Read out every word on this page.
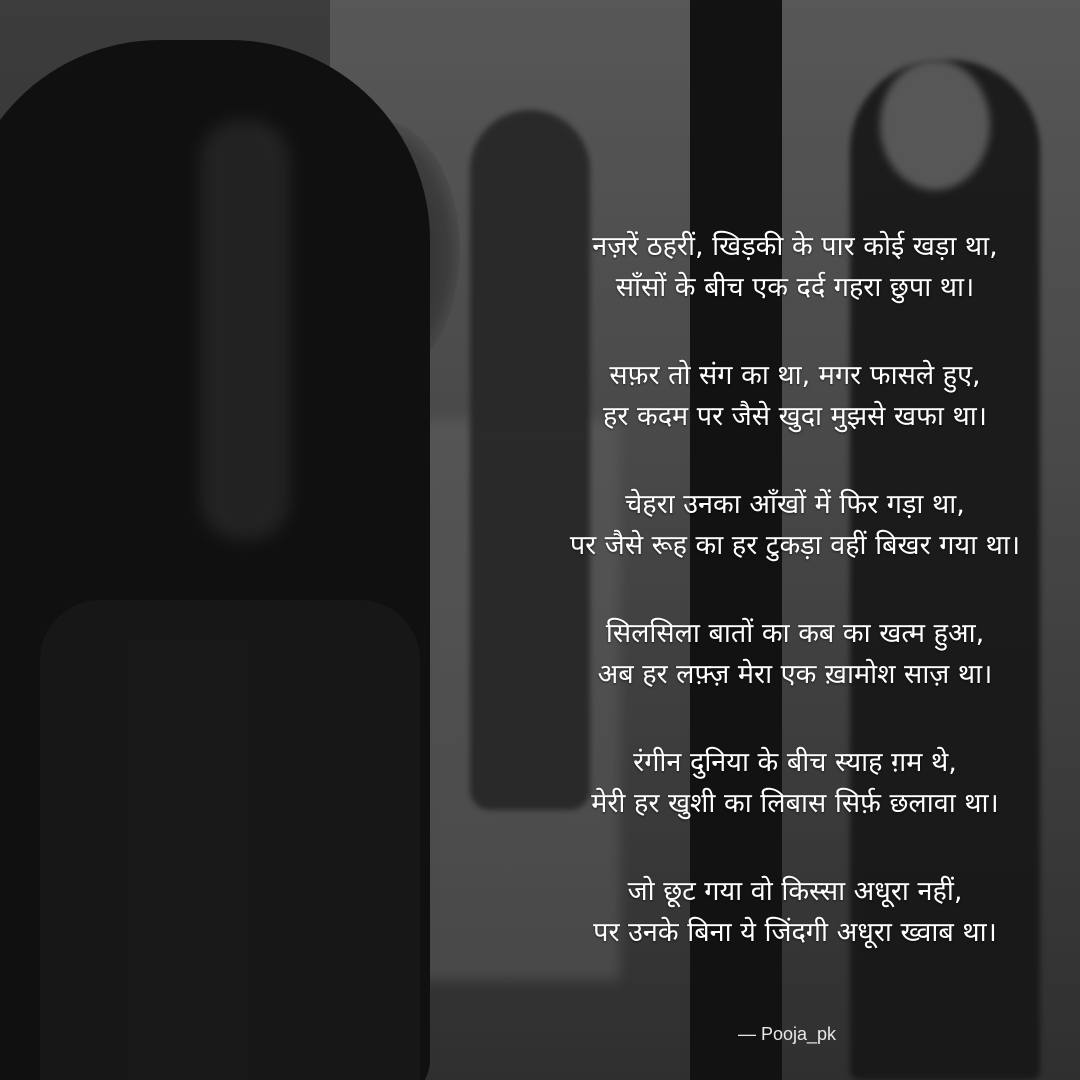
नज़रें ठहरीं, खिड़की के पार कोई खड़ा था,
साँसों के बीच एक दर्द गहरा छुपा था।
सफ़र तो संग का था, मगर फासले हुए,
हर कदम पर जैसे खुदा मुझसे खफा था।
चेहरा उनका आँखों में फिर गड़ा था,
पर जैसे रूह का हर टुकड़ा वहीं बिखर गया था।
सिलसिला बातों का कब का खत्म हुआ,
अब हर लफ़्ज़ मेरा एक ख़ामोश साज़ था।
रंगीन दुनिया के बीच स्याह ग़म थे,
मेरी हर खुशी का लिबास सिर्फ़ छलावा था।
जो छूट गया वो किस्सा अधूरा नहीं,
पर उनके बिना ये जिंदगी अधूरा ख्वाब था।
— Pooja_pk
